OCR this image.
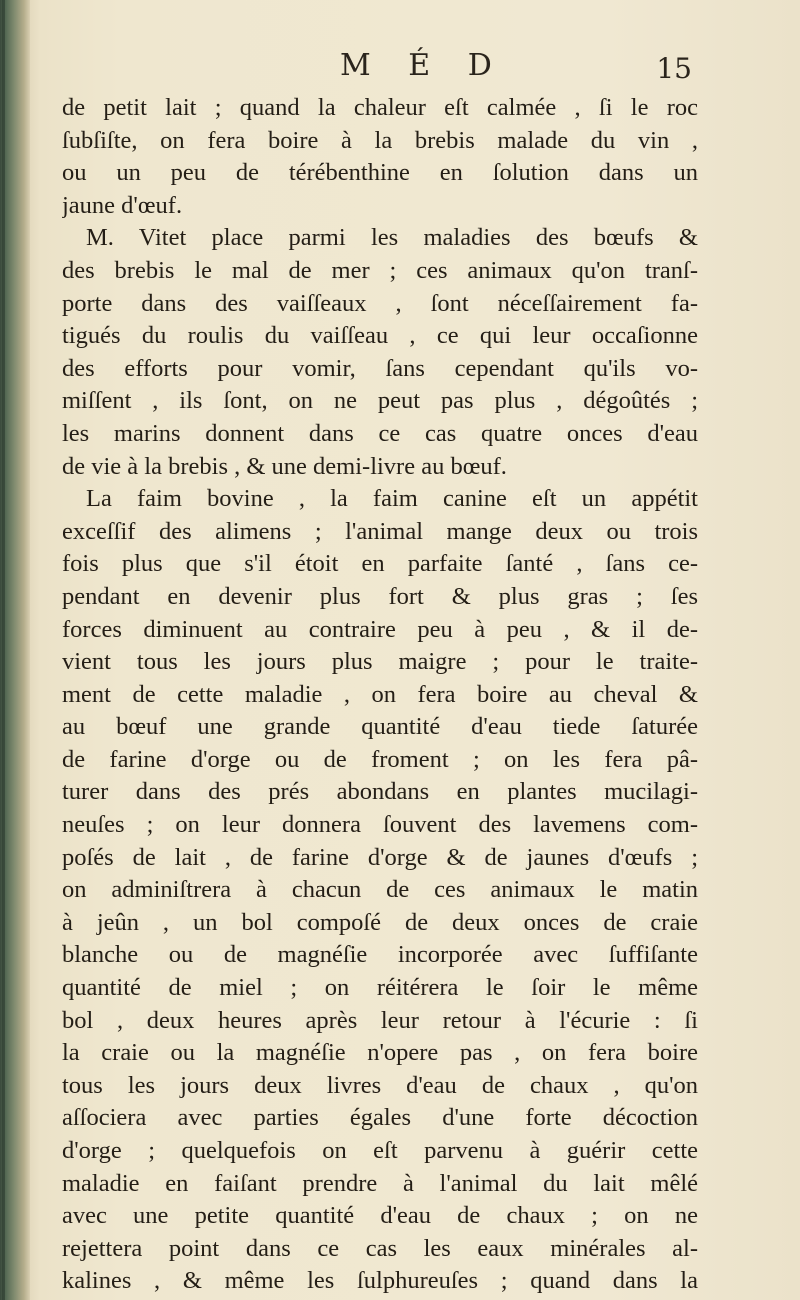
M É D	15
de petit lait ; quand la chaleur eſt calmée , ſi le roc
ſubſiſte, on fera boire à la brebis malade du vin ,
ou un peu de térébenthine en ſolution dans un
jaune d'œuf.
M. Vitet place parmi les maladies des bœufs &
des brebis le mal de mer ; ces animaux qu'on tranſ-
porte dans des vaiſſeaux , ſont néceſſairement fa-
tigués du roulis du vaiſſeau , ce qui leur occaſionne
des efforts pour vomir, ſans cependant qu'ils vo-
miſſent , ils ſont, on ne peut pas plus , dégoûtés ;
les marins donnent dans ce cas quatre onces d'eau
de vie à la brebis , & une demi-livre au bœuf.
La faim bovine , la faim canine eſt un appétit
exceſſif des alimens ; l'animal mange deux ou trois
fois plus que s'il étoit en parfaite ſanté , ſans ce-
pendant en devenir plus fort & plus gras ; ſes
forces diminuent au contraire peu à peu , & il de-
vient tous les jours plus maigre ; pour le traite-
ment de cette maladie , on fera boire au cheval &
au bœuf une grande quantité d'eau tiede ſaturée
de farine d'orge ou de froment ; on les fera pâ-
turer dans des prés abondans en plantes mucilagi-
neuſes ; on leur donnera ſouvent des lavemens com-
poſés de lait , de farine d'orge & de jaunes d'œufs ;
on adminiſtrera à chacun de ces animaux le matin
à jeûn , un bol compoſé de deux onces de craie
blanche ou de magnéſie incorporée avec ſuffiſante
quantité de miel ; on réitérera le ſoir le même
bol , deux heures après leur retour à l'écurie : ſi
la craie ou la magnéſie n'opere pas , on fera boire
tous les jours deux livres d'eau de chaux , qu'on
aſſociera avec parties égales d'une forte décoction
d'orge ; quelquefois on eſt parvenu à guérir cette
maladie en faiſant prendre à l'animal du lait mêlé
avec une petite quantité d'eau de chaux ; on ne
rejettera point dans ce cas les eaux minérales al-
kalines , & même les ſulphureuſes ; quand dans la
